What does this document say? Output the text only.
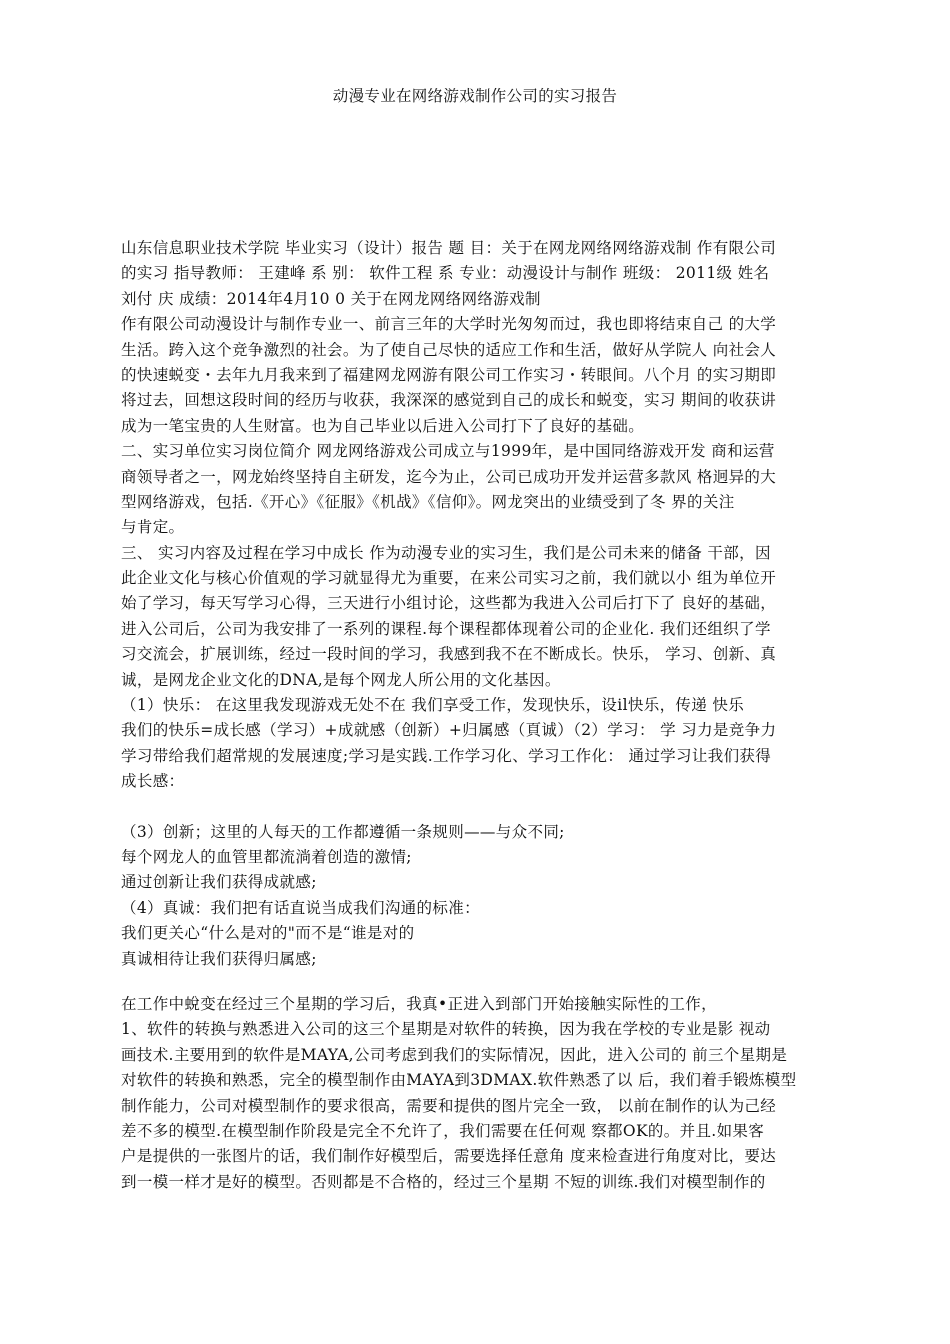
动漫专业在网络游戏制作公司的实习报告
山东信息职业技术学院 毕业实习（设计）报告 题 目：关于在网龙网络网络游戏制 作有限公司
的实习 指导教师： 王建峰 系 别： 软件工程 系 专业：动漫设计与制作 班级： 2011级 姓名
刘付 庆 成绩：2014年4月10 0 关于在网龙网络网络游戏制
作有限公司动漫设计与制作专业一、前言三年的大学时光匆匆而过，我也即将结束自己 的大学
生活。跨入这个竞争激烈的社会。为了使自己尽快的适应工作和生活，做好从学院人 向社会人
的快速蜕变・去年九月我来到了福建网龙网游有限公司工作实习・转眼间。八个月 的实习期即
将过去，回想这段时间的经历与收获，我深深的感觉到自己的成长和蜕变，实习 期间的收获讲
成为一笔宝贵的人生财富。也为自己毕业以后进入公司打下了良好的基础。
二、实习单位实习岗位简介 网龙网络游戏公司成立与1999年，是中国同络游戏开发 商和运营
商领导者之一，网龙始终坚持自主研发，迄今为止，公司已成功开发并运营多款风 格迥异的大
型网络游戏，包括.《开心》《征服》《机战》《信仰》。网龙突出的业绩受到了冬 界的关注
与肯定。
三、 实习内容及过程在学习中成长 作为动漫专业的实习生，我们是公司未来的储备 干部，因
此企业文化与核心价值观的学习就显得尤为重要，在来公司实习之前，我们就以小 组为单位开
始了学习，每天写学习心得，三天进行小组讨论，这些都为我进入公司后打下了 良好的基础，
进入公司后，公司为我安排了一系列的课程.每个课程都体现着公司的企业化. 我们还组织了学
习交流会，扩展训练，经过一段时间的学习，我感到我不在不断成长。快乐， 学习、创新、真
诚，是网龙企业文化的DNA,是每个网龙人所公用的文化基因。
（1）快乐： 在这里我发现游戏无处不在 我们享受工作，发现快乐，设il快乐，传递 快乐
我们的快乐=成长感（学习）+成就感（创新）+归属感（頁诚）（2）学习： 学 习力是竞争力
学习带给我们超常规的发展速度;学习是实践.工作学习化、学习工作化： 通过学习让我们获得
成长感：
（3）创新；这里的人每天的工作都遵循一条规则——与众不同;
每个网龙人的血管里都流淌着创造的激情;
通过创新让我们获得成就感;
（4）真诚：我们把有话直说当成我们沟通的标准：
我们更关心“什么是对的"而不是“谁是对的
真诚相待让我们获得归属感;
在工作中蛻变在经过三个星期的学习后，我真•正进入到部门开始接触实际性的工作，
1、软件的转换与熟悉进入公司的这三个星期是对软件的转换，因为我在学校的专业是影 视动
画技术.主要用到的软件是MAYA,公司考虑到我们的实际情况，因此，进入公司的 前三个星期是
对软件的转换和熟悉，完全的模型制作由MAYA到3DMAX.软件熟悉了以 后，我们着手锻炼模型
制作能力，公司对模型制作的要求很高，需要和提供的图片完全一致， 以前在制作的认为己经
差不多的模型.在模型制作阶段是完全不允许了，我们需要在任何观 察都OK的。并且.如果客
户是提供的一张图片的话，我们制作好模型后，需要选择任意角 度来检查进行角度对比，要达
到一模一样才是好的模型。否则都是不合格的，经过三个星期 不短的训练.我们对模型制作的
